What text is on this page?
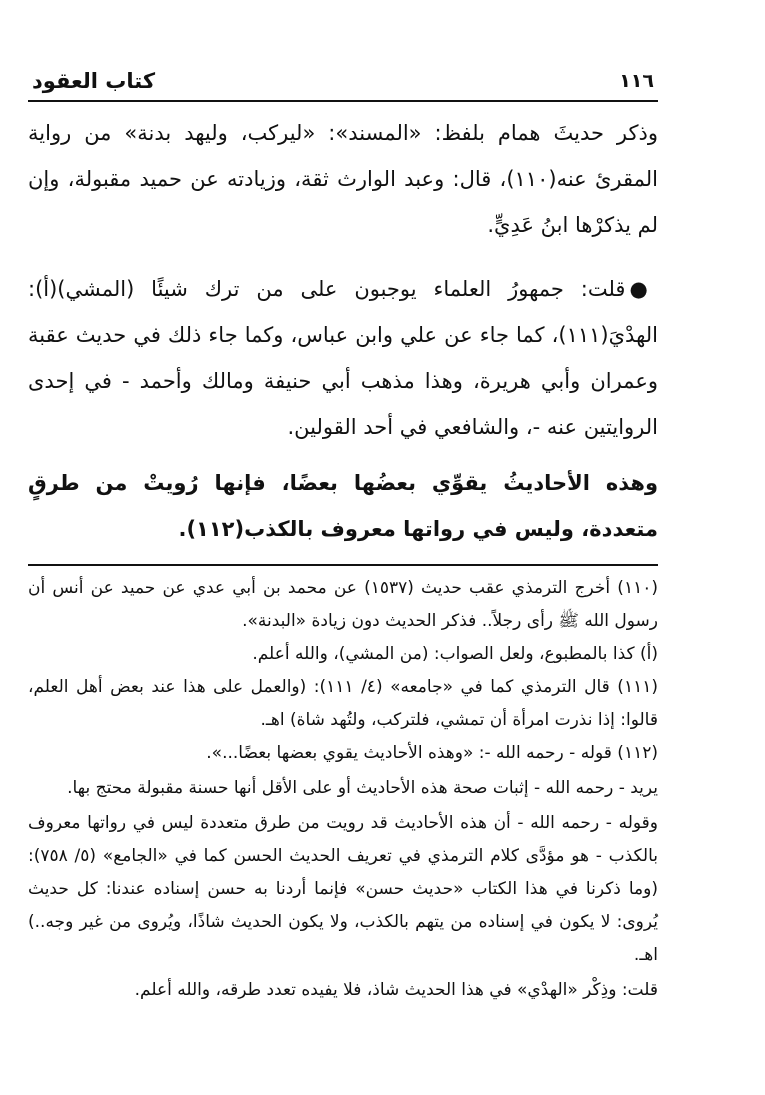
١١٦
كتاب العقود

وذكر حديثَ همام بلفظ: «المسند»: «ليركب، وليهد بدنة» من رواية المقرئ عنه(١١٠)، قال: وعبد الوارث ثقة، وزيادته عن حميد مقبولة، وإن لم يذكرْها ابنُ عَدِيٍّ.

●قلت: جمهورُ العلماء يوجبون على من ترك شيئًا (المشي)(أ): الهدْيَ(١١١)، كما جاء عن علي وابن عباس، وكما جاء ذلك في حديث عقبة وعمران وأبي هريرة، وهذا مذهب أبي حنيفة ومالك وأحمد - في إحدى الروايتين عنه -، والشافعي في أحد القولين.

وهذه الأحاديثُ يقوِّي بعضُها بعضًا، فإنها رُويتْ من طرقٍ متعددة، وليس في رواتها معروف بالكذب(١١٢).

(١١٠) أخرج الترمذي عقب حديث (١٥٣٧) عن محمد بن أبي عدي عن حميد عن أنس أن رسول الله ﷺ رأى رجلاً.. فذكر الحديث دون زيادة «البدنة».

(أ) كذا بالمطبوع، ولعل الصواب: (من المشي)، والله أعلم.

(١١١) قال الترمذي كما في «جامعه» (٤/ ١١١): (والعمل على هذا عند بعض أهل العلم، قالوا: إذا نذرت امرأة أن تمشي، فلتركب، ولتُهد شاة) اهـ.

(١١٢) قوله - رحمه الله -: «وهذه الأحاديث يقوي بعضها بعضًا...».

يريد - رحمه الله - إثبات صحة هذه الأحاديث أو على الأقل أنها حسنة مقبولة محتج بها.

وقوله - رحمه الله - أن هذه الأحاديث قد رويت من طرق متعددة ليس في رواتها معروف بالكذب - هو مؤدَّى كلام الترمذي في تعريف الحديث الحسن كما في «الجامع» (٥/ ٧٥٨): (وما ذكرنا في هذا الكتاب «حديث حسن» فإنما أردنا به حسن إسناده عندنا: كل حديث يُروى: لا يكون في إسناده من يتهم بالكذب، ولا يكون الحديث شاذًا، ويُروى من غير وجه..) اهـ.

قلت: وذِكْر «الهدْي» في هذا الحديث شاذ، فلا يفيده تعدد طرقه، والله أعلم.
